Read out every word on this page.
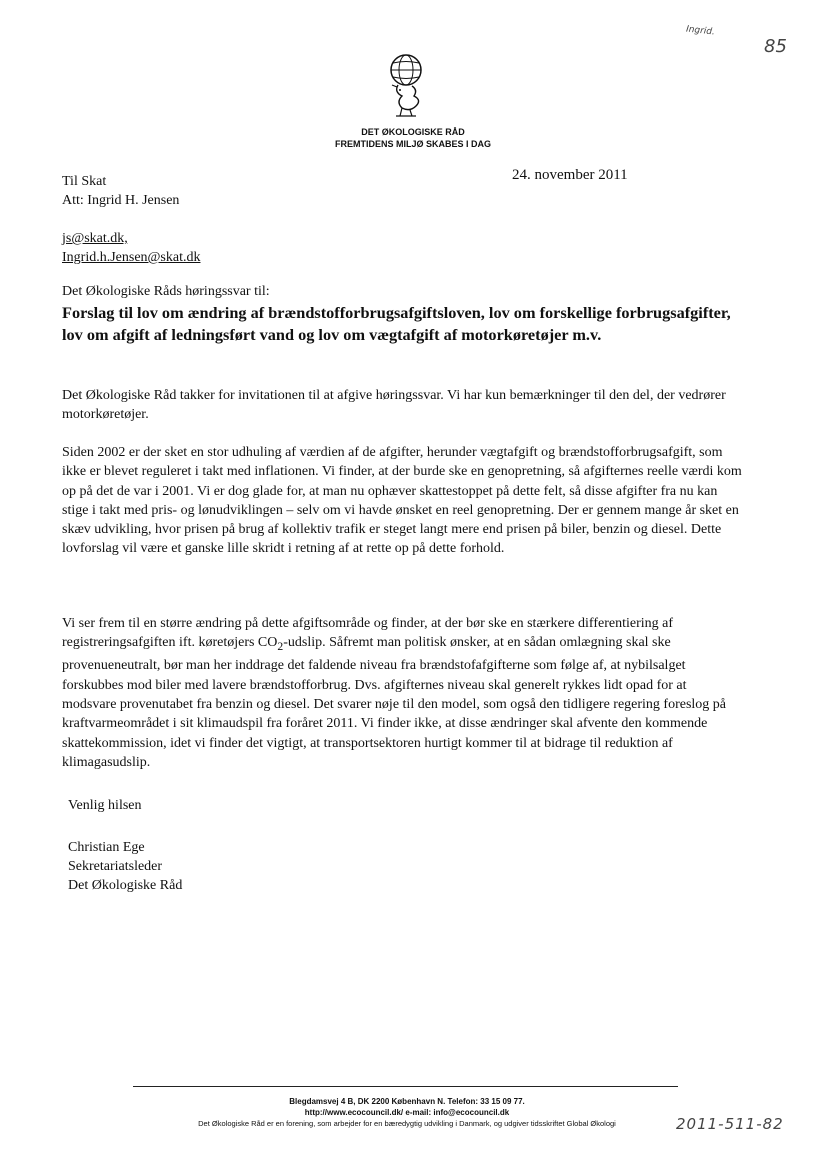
Ingrid.
85
DET ØKOLOGISKE RÅD
FREMTIDENS MILJØ SKABES I DAG
Til Skat
Att: Ingrid H. Jensen
24. november 2011
js@skat.dk,
Ingrid.h.Jensen@skat.dk
Det Økologiske Råds høringssvar til:
Forslag til lov om ændring af brændstofforbrugsafgiftsloven, lov om forskellige forbrugsafgifter, lov om afgift af ledningsført vand og lov om vægtafgift af motorkøretøjer m.v.
Det Økologiske Råd takker for invitationen til at afgive høringssvar. Vi har kun bemærkninger til den del, der vedrører motorkøretøjer.
Siden 2002 er der sket en stor udhuling af værdien af de afgifter, herunder vægtafgift og brændstofforbrugsafgift, som ikke er blevet reguleret i takt med inflationen. Vi finder, at der burde ske en genopretning, så afgifternes reelle værdi kom op på det de var i 2001. Vi er dog glade for, at man nu ophæver skattestoppet på dette felt, så disse afgifter fra nu kan stige i takt med pris- og lønudviklingen – selv om vi havde ønsket en reel genopretning. Der er gennem mange år sket en skæv udvikling, hvor prisen på brug af kollektiv trafik er steget langt mere end prisen på biler, benzin og diesel. Dette lovforslag vil være et ganske lille skridt i retning af at rette op på dette forhold.
Vi ser frem til en større ændring på dette afgiftsområde og finder, at der bør ske en stærkere differentiering af registreringsafgiften ift. køretøjers $CO_2$-udslip. Såfremt man politisk ønsker, at en sådan omlægning skal ske provenueneutralt, bør man her inddrage det faldende niveau fra brændstofafgifterne som følge af, at nybilsalget forskubbes mod biler med lavere brændstofforbrug. Dvs. afgifternes niveau skal generelt rykkes lidt opad for at modsvare provenutabet fra benzin og diesel. Det svarer nøje til den model, som også den tidligere regering foreslog på kraftvarmeområdet i sit klimaudspil fra foråret 2011. Vi finder ikke, at disse ændringer skal afvente den kommende skattekommission, idet vi finder det vigtigt, at transportsektoren hurtigt kommer til at bidrage til reduktion af klimagasudslip.
Venlig hilsen
Christian Ege
Sekretariatsleder
Det Økologiske Råd
Blegdamsvej 4 B, DK 2200 København N. Telefon: 33 15 09 77.
http://www.ecocouncil.dk/ e-mail: info@ecocouncil.dk
Det Økologiske Råd er en forening, som arbejder for en bæredygtig udvikling i Danmark, og udgiver tidsskriftet Global Økologi	2011-511-82
